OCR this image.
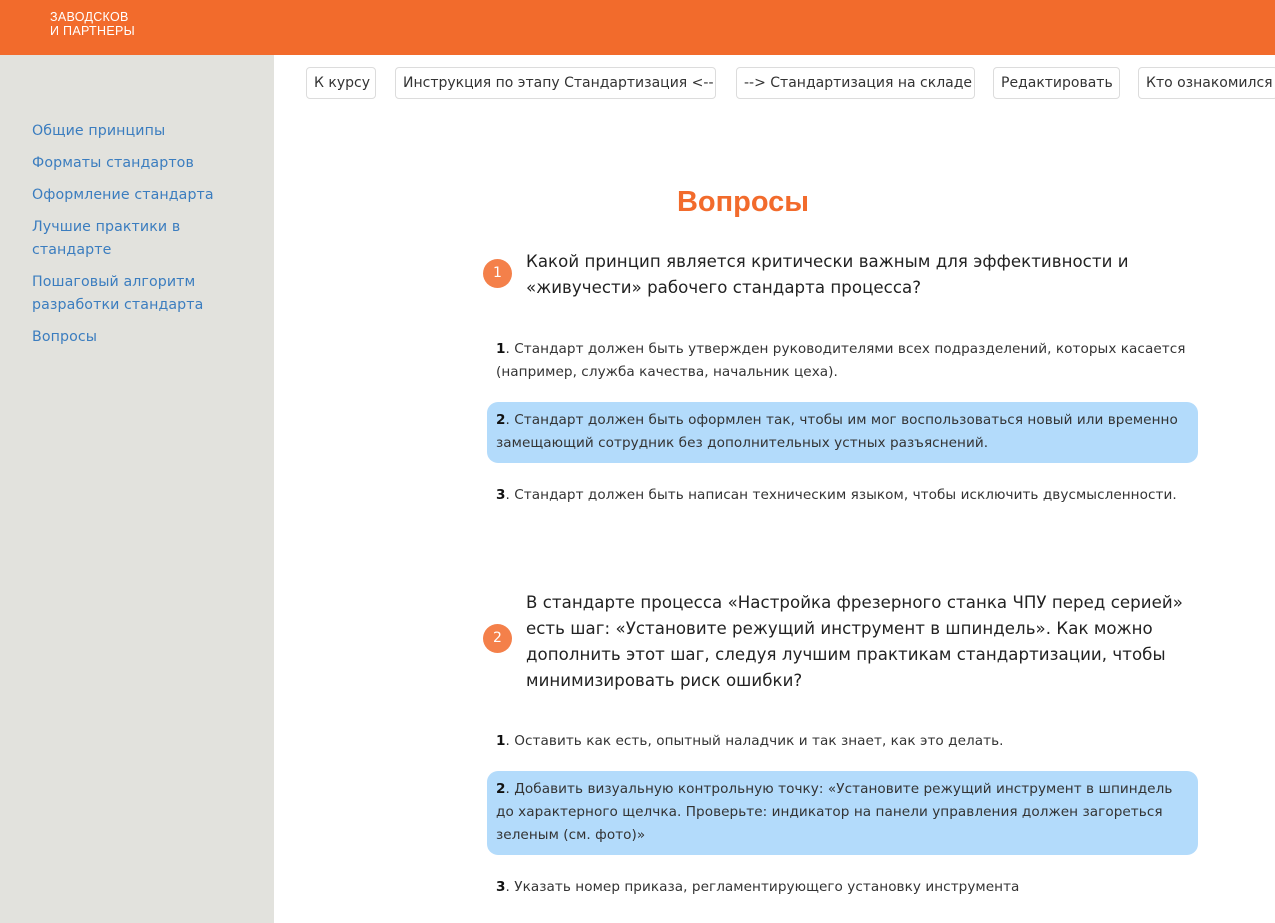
ЗАВОДСКОВ
И ПАРТНЕРЫ
Общие принципы
Форматы стандартов
Оформление стандарта
Лучшие практики в стандарте
Пошаговый алгоритм разработки стандарта
Вопросы
К курсу	Инструкция по этапу Стандартизация <--	--> Стандартизация на складе	Редактировать	Кто ознакомился
Вопросы
1
Какой принцип является критически важным для эффективности и «живучести» рабочего стандарта процесса?
1. Стандарт должен быть утвержден руководителями всех подразделений, которых касается (например, служба качества, начальник цеха).
2. Стандарт должен быть оформлен так, чтобы им мог воспользоваться новый или временно замещающий сотрудник без дополнительных устных разъяснений.
3. Стандарт должен быть написан техническим языком, чтобы исключить двусмысленности.
2
В стандарте процесса «Настройка фрезерного станка ЧПУ перед серией» есть шаг: «Установите режущий инструмент в шпиндель». Как можно дополнить этот шаг, следуя лучшим практикам стандартизации, чтобы минимизировать риск ошибки?
1. Оставить как есть, опытный наладчик и так знает, как это делать.
2. Добавить визуальную контрольную точку: «Установите режущий инструмент в шпиндель до характерного щелчка. Проверьте: индикатор на панели управления должен загореться зеленым (см. фото)»
3. Указать номер приказа, регламентирующего установку инструмента
